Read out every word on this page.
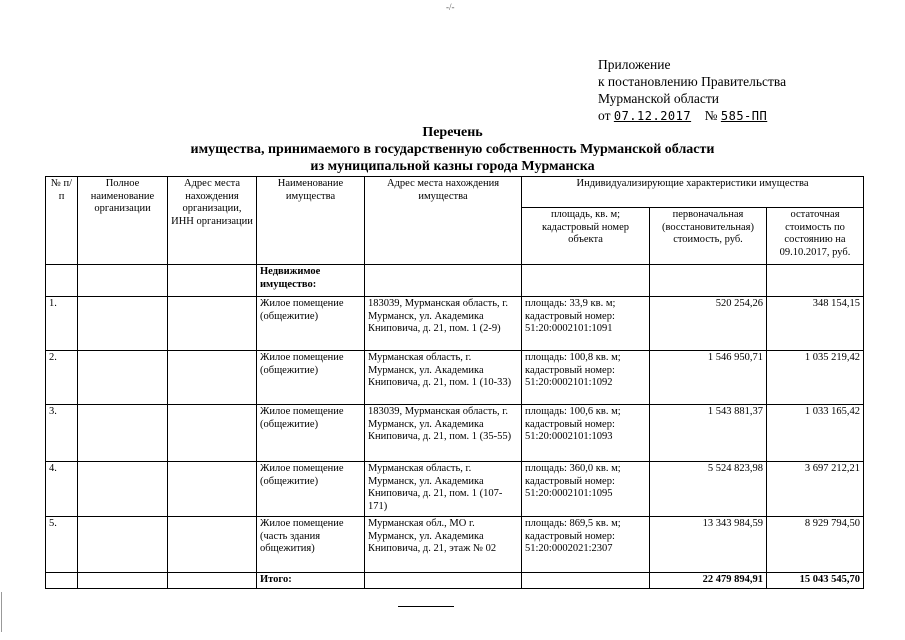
-/-
Приложение
к постановлению Правительства
Мурманской области
от 07.12.2017 № 585-ПП
Перечень
имущества, принимаемого в государственную собственность Мурманской области
из муниципальной казны города Мурманска
№ п/п	Полное наименование организации	Адрес места нахождения организации, ИНН организации	Наименование имущества	Адрес места нахождения имущества	Индивидуализирующие характеристики имущества		
					площадь, кв. м; кадастровый номер объекта	первоначальная (восстановительная) стоимость, руб.	остаточная стоимость по состоянию на 09.10.2017, руб.
			Недвижимое имущество:				
1.			Жилое помещение (общежитие)	183039, Мурманская область, г. Мурманск, ул. Академика Книповича, д. 21, пом. 1 (2-9)	площадь: 33,9 кв. м; кадастровый номер: 51:20:0002101:1091	520 254,26	348 154,15
2.			Жилое помещение (общежитие)	Мурманская область, г. Мурманск, ул. Академика Книповича, д. 21, пом. 1 (10-33)	площадь: 100,8 кв. м; кадастровый номер: 51:20:0002101:1092	1 546 950,71	1 035 219,42
3.			Жилое помещение (общежитие)	183039, Мурманская область, г. Мурманск, ул. Академика Книповича, д. 21, пом. 1 (35-55)	площадь: 100,6 кв. м; кадастровый номер: 51:20:0002101:1093	1 543 881,37	1 033 165,42
4.			Жилое помещение (общежитие)	Мурманская область, г. Мурманск, ул. Академика Книповича, д. 21, пом. 1 (107-171)	площадь: 360,0 кв. м; кадастровый номер: 51:20:0002101:1095	5 524 823,98	3 697 212,21
5.			Жилое помещение (часть здания общежития)	Мурманская обл., МО г. Мурманск, ул. Академика Книповича, д. 21, этаж № 02	площадь: 869,5 кв. м; кадастровый номер: 51:20:0002021:2307	13 343 984,59	8 929 794,50
			Итого:			22 479 894,91	15 043 545,70
